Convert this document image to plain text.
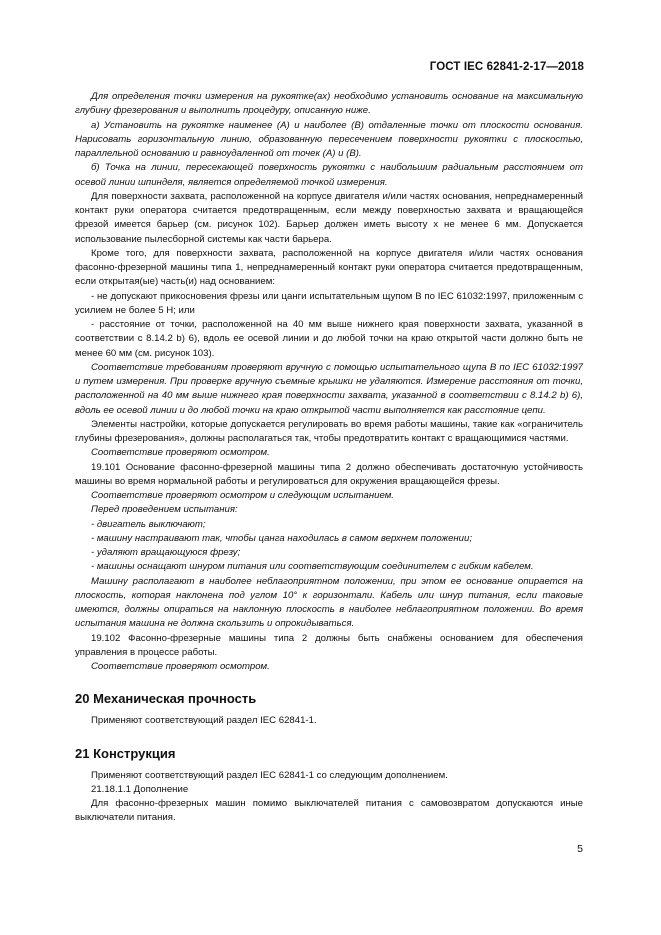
ГОСТ IEC 62841-2-17—2018

Для определения точки измерения на рукоятке(ах) необходимо установить основание на максимальную глубину фрезерования и выполнить процедуру, описанную ниже.

а) Установить на рукоятке наименее (А) и наиболее (В) отдаленные точки от плоскости основания. Нарисовать горизонтальную линию, образованную пересечением поверхности рукоятки с плоскостью, параллельной основанию и равноудаленной от точек (А) и (В).

б) Точка на линии, пересекающей поверхность рукоятки с наибольшим радиальным расстоянием от осевой линии шпинделя, является определяемой точкой измерения.

Для поверхности захвата, расположенной на корпусе двигателя и/или частях основания, непреднамеренный контакт руки оператора считается предотвращенным, если между поверхностью захвата и вращающейся фрезой имеется барьер (см. рисунок 102). Барьер должен иметь высоту x не менее 6 мм. Допускается использование пылесборной системы как части барьера.

Кроме того, для поверхности захвата, расположенной на корпусе двигателя и/или частях основания фасонно-фрезерной машины типа 1, непреднамеренный контакт руки оператора считается предотвращенным, если открытая(ые) часть(и) над основанием:

- не допускают прикосновения фрезы или цанги испытательным щупом В по IEC 61032:1997, приложенным с усилием не более 5 Н; или

- расстояние от точки, расположенной на 40 мм выше нижнего края поверхности захвата, указанной в соответствии с 8.14.2 b) 6), вдоль ее осевой линии и до любой точки на краю открытой части должно быть не менее 60 мм (см. рисунок 103).

Соответствие требованиям проверяют вручную с помощью испытательного щупа В по IEC 61032:1997 и путем измерения. При проверке вручную съемные крышки не удаляются. Измерение расстояния от точки, расположенной на 40 мм выше нижнего края поверхности захвата, указанной в соответствии с 8.14.2 b) 6), вдоль ее осевой линии и до любой точки на краю открытой части выполняется как расстояние цепи.

Элементы настройки, которые допускается регулировать во время работы машины, такие как «ограничитель глубины фрезерования», должны располагаться так, чтобы предотвратить контакт с вращающимися частями.

Соответствие проверяют осмотром.

19.101 Основание фасонно-фрезерной машины типа 2 должно обеспечивать достаточную устойчивость машины во время нормальной работы и регулироваться для окружения вращающейся фрезы.

Соответствие проверяют осмотром и следующим испытанием.

Перед проведением испытания:

- двигатель выключают;

- машину настраивают так, чтобы цанга находилась в самом верхнем положении;

- удаляют вращающуюся фрезу;

- машины оснащают шнуром питания или соответствующим соединителем с гибким кабелем.

Машину располагают в наиболее неблагоприятном положении, при этом ее основание опирается на плоскость, которая наклонена под углом 10° к горизонтали. Кабель или шнур питания, если таковые имеются, должны опираться на наклонную плоскость в наиболее неблагоприятном положении. Во время испытания машина не должна скользить и опрокидываться.

19.102 Фасонно-фрезерные машины типа 2 должны быть снабжены основанием для обеспечения управления в процессе работы.

Соответствие проверяют осмотром.

20 Механическая прочность

Применяют соответствующий раздел IEC 62841-1.

21 Конструкция

Применяют соответствующий раздел IEC 62841-1 со следующим дополнением.

21.18.1.1 Дополнение

Для фасонно-фрезерных машин помимо выключателей питания с самовозвратом допускаются иные выключатели питания.

5
